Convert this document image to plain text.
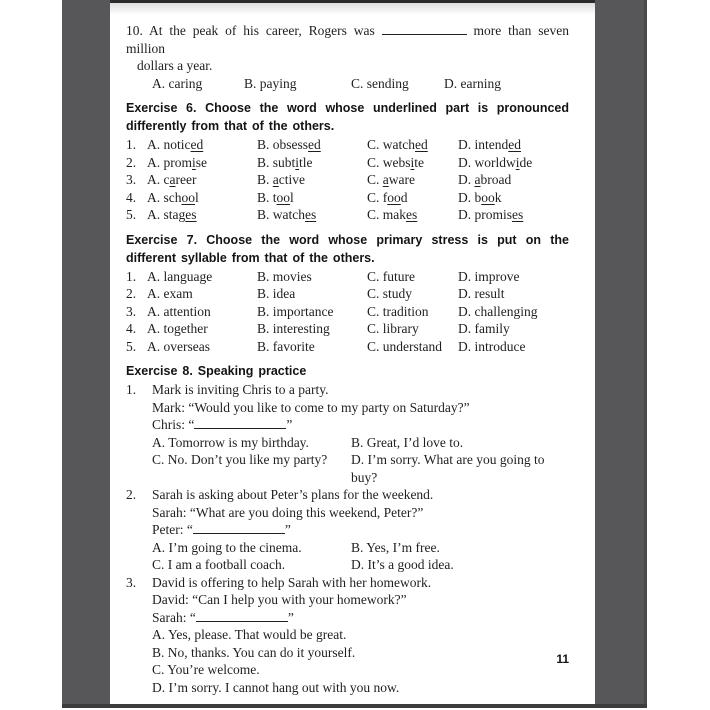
10. At the peak of his career, Rogers was	more than seven million
dollars a year.
A. caring	B. paying	C. sending	D. earning
Exercise 6. Choose the word whose underlined part is pronounced differently from that of the others.
1. A. noticed	B. obsessed	C. watched	D. intended
2. A. promise	B. subtitle	C. website	D. worldwide
3. A. career	B. active	C. aware	D. abroad
4. A. school	B. tool	C. food	D. book
5. A. stages	B. watches	C. makes	D. promises
Exercise 7. Choose the word whose primary stress is put on the different syllable from that of the others.
1. A. language	B. movies	C. future	D. improve
2. A. exam	B. idea	C. study	D. result
3. A. attention	B. importance	C. tradition	D. challenging
4. A. together	B. interesting	C. library	D. family
5. A. overseas	B. favorite	C. understand	D. introduce
Exercise 8. Speaking practice
1.	Mark is inviting Chris to a party.
Mark: “Would you like to come to my party on Saturday?”
Chris: “	”
A. Tomorrow is my birthday.	B. Great, I’d love to.
C. No. Don’t you like my party?	D. I’m sorry. What are you going to buy?
2.	Sarah is asking about Peter’s plans for the weekend.
Sarah: “What are you doing this weekend, Peter?”
Peter: “	”
A. I’m going to the cinema.	B. Yes, I’m free.
C. I am a football coach.	D. It’s a good idea.
3.	David is offering to help Sarah with her homework.
David: “Can I help you with your homework?”
Sarah: “	”
A. Yes, please. That would be great.
B. No, thanks. You can do it yourself.
C. You’re welcome.
D. I’m sorry. I cannot hang out with you now.
11
